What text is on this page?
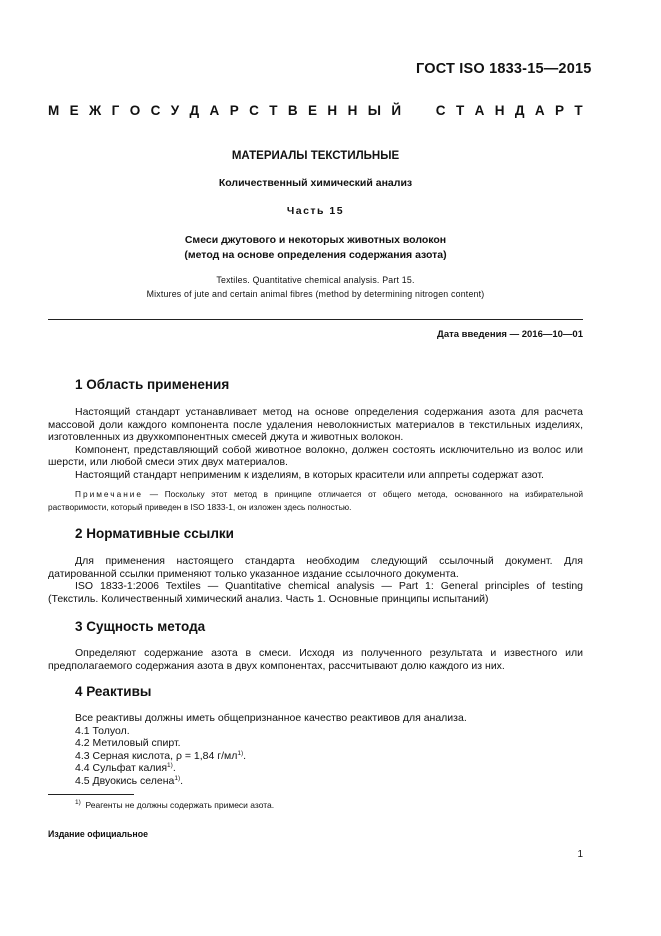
ГОСТ ISO 1833-15—2015
М Е Ж Г О С У Д А Р С Т В Е Н Н Ы Й	С Т А Н Д А Р Т
МАТЕРИАЛЫ ТЕКСТИЛЬНЫЕ
Количественный химический анализ
Часть 15
Смеси джутового и некоторых животных волокон
(метод на основе определения содержания азота)
Textiles. Quantitative chemical analysis. Part 15.
Mixtures of jute and certain animal fibres (method by determining nitrogen content)
Дата введения — 2016—10—01
1 Область применения

Настоящий стандарт устанавливает метод на основе определения содержания азота для расчета массовой доли каждого компонента после удаления неволокнистых материалов в текстильных изделиях, изготовленных из двухкомпонентных смесей джута и животных волокон.

Компонент, представляющий собой животное волокно, должен состоять исключительно из волос или шерсти, или любой смеси этих двух материалов.

Настоящий стандарт неприменим к изделиям, в которых красители или аппреты содержат азот.

Примечание — Поскольку этот метод в принципе отличается от общего метода, основанного на избирательной растворимости, который приведен в ISO 1833-1, он изложен здесь полностью.

2 Нормативные ссылки

Для применения настоящего стандарта необходим следующий ссылочный документ. Для датированной ссылки применяют только указанное издание ссылочного документа.

ISO 1833-1:2006 Textiles — Quantitative chemical analysis — Part 1: General principles of testing (Текстиль. Количественный химический анализ. Часть 1. Основные принципы испытаний)

3 Сущность метода

Определяют содержание азота в смеси. Исходя из полученного результата и известного или предполагаемого содержания азота в двух компонентах, рассчитывают долю каждого из них.

4 Реактивы
Все реактивы должны иметь общепризнанное качество реактивов для анализа.
4.1 Толуол.
4.2 Метиловый спирт.
4.3 Серная кислота, ρ = 1,84 $г/мл^{1)}$.
4.4 Сульфат калия$^{1)}$.
4.5 Двуокись селена$^{1)}$.
$^{1)}$ Реагенты не должны содержать примеси азота.
Издание официальное
1
